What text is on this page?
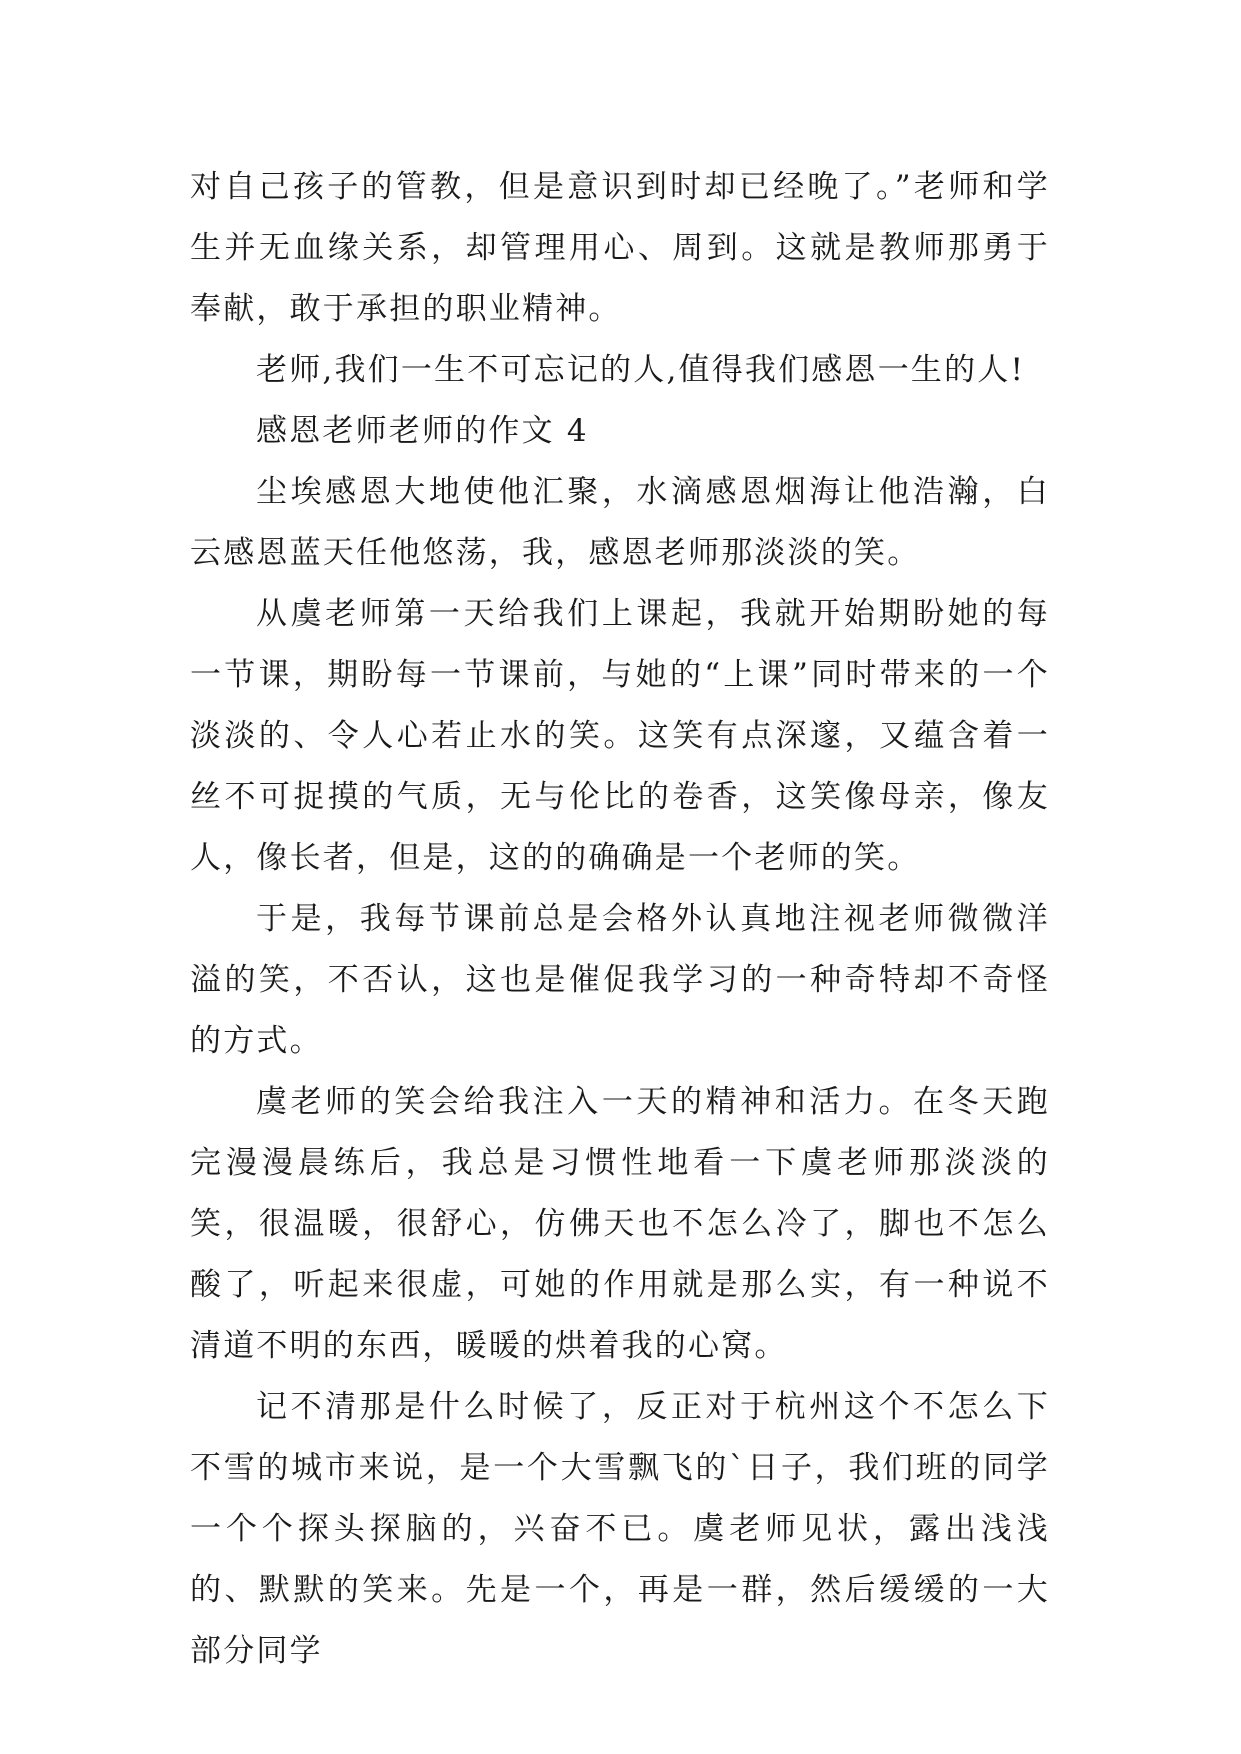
对自己孩子的管教，但是意识到时却已经晚了。”老师和学生并无血缘关系，却管理用心、周到。这就是教师那勇于奉献，敢于承担的职业精神。

老师,我们一生不可忘记的人,值得我们感恩一生的人!

感恩老师老师的作文 4

尘埃感恩大地使他汇聚，水滴感恩烟海让他浩瀚，白云感恩蓝天任他悠荡，我，感恩老师那淡淡的笑。

从虞老师第一天给我们上课起，我就开始期盼她的每一节课，期盼每一节课前，与她的“上课”同时带来的一个淡淡的、令人心若止水的笑。这笑有点深邃，又蕴含着一丝不可捉摸的气质，无与伦比的卷香，这笑像母亲，像友人，像长者，但是，这的的确确是一个老师的笑。

于是，我每节课前总是会格外认真地注视老师微微洋溢的笑，不否认，这也是催促我学习的一种奇特却不奇怪的方式。

虞老师的笑会给我注入一天的精神和活力。在冬天跑完漫漫晨练后，我总是习惯性地看一下虞老师那淡淡的笑，很温暖，很舒心，仿佛天也不怎么冷了，脚也不怎么酸了，听起来很虚，可她的作用就是那么实，有一种说不清道不明的东西，暖暖的烘着我的心窝。

记不清那是什么时候了，反正对于杭州这个不怎么下不雪的城市来说，是一个大雪飘飞的`日子，我们班的同学一个个探头探脑的，兴奋不已。虞老师见状，露出浅浅的、默默的笑来。先是一个，再是一群，然后缓缓的一大部分同学
